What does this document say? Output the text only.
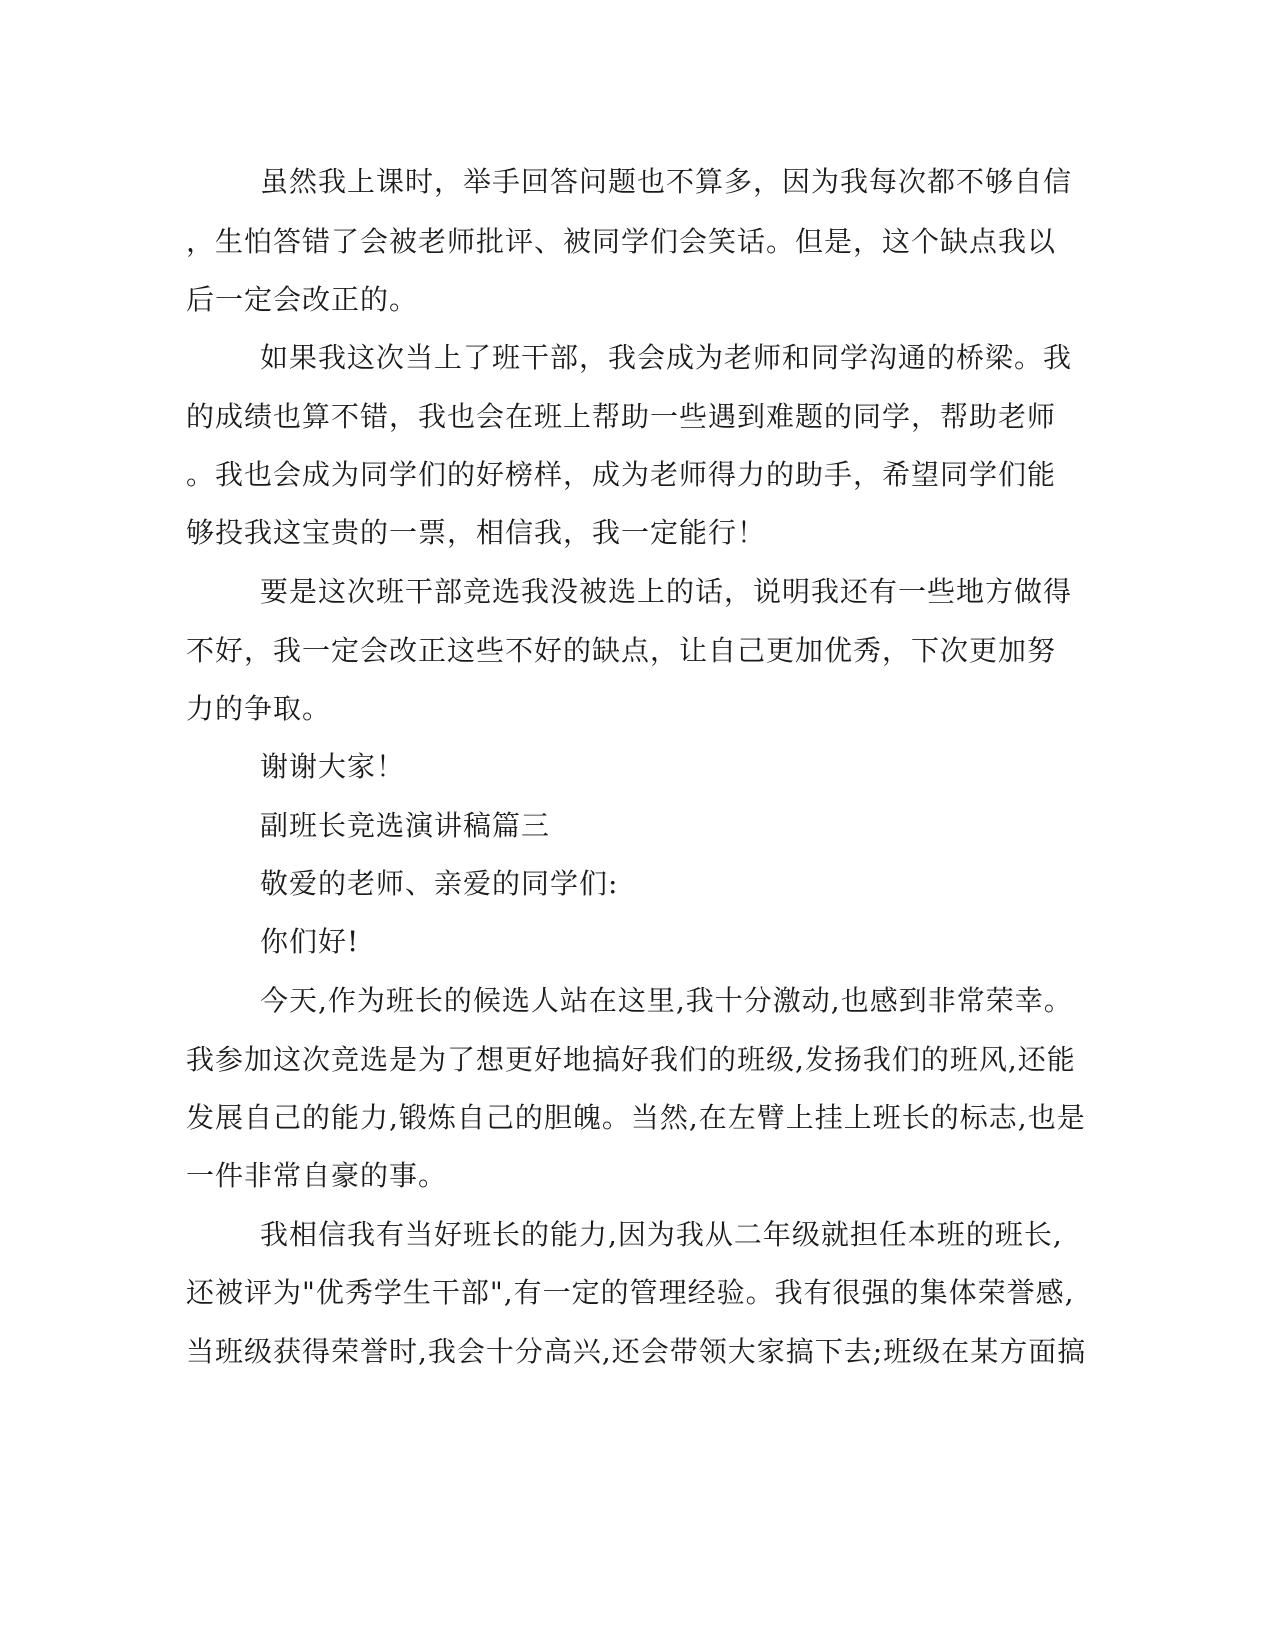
虽然我上课时，举手回答问题也不算多，因为我每次都不够自信
，生怕答错了会被老师批评、被同学们会笑话。但是，这个缺点我以
后一定会改正的。
如果我这次当上了班干部，我会成为老师和同学沟通的桥梁。我
的成绩也算不错，我也会在班上帮助一些遇到难题的同学，帮助老师
。我也会成为同学们的好榜样，成为老师得力的助手，希望同学们能
够投我这宝贵的一票，相信我，我一定能行！
要是这次班干部竞选我没被选上的话，说明我还有一些地方做得
不好，我一定会改正这些不好的缺点，让自己更加优秀，下次更加努
力的争取。
谢谢大家！
副班长竞选演讲稿篇三
敬爱的老师、亲爱的同学们:
你们好!
今天,作为班长的候选人站在这里,我十分激动,也感到非常荣幸。
我参加这次竞选是为了想更好地搞好我们的班级,发扬我们的班风,还能
发展自己的能力,锻炼自己的胆魄。当然,在左臂上挂上班长的标志,也是
一件非常自豪的事。
我相信我有当好班长的能力,因为我从二年级就担任本班的班长,
还被评为"优秀学生干部",有一定的管理经验。我有很强的集体荣誉感,
当班级获得荣誉时,我会十分高兴,还会带领大家搞下去;班级在某方面搞
